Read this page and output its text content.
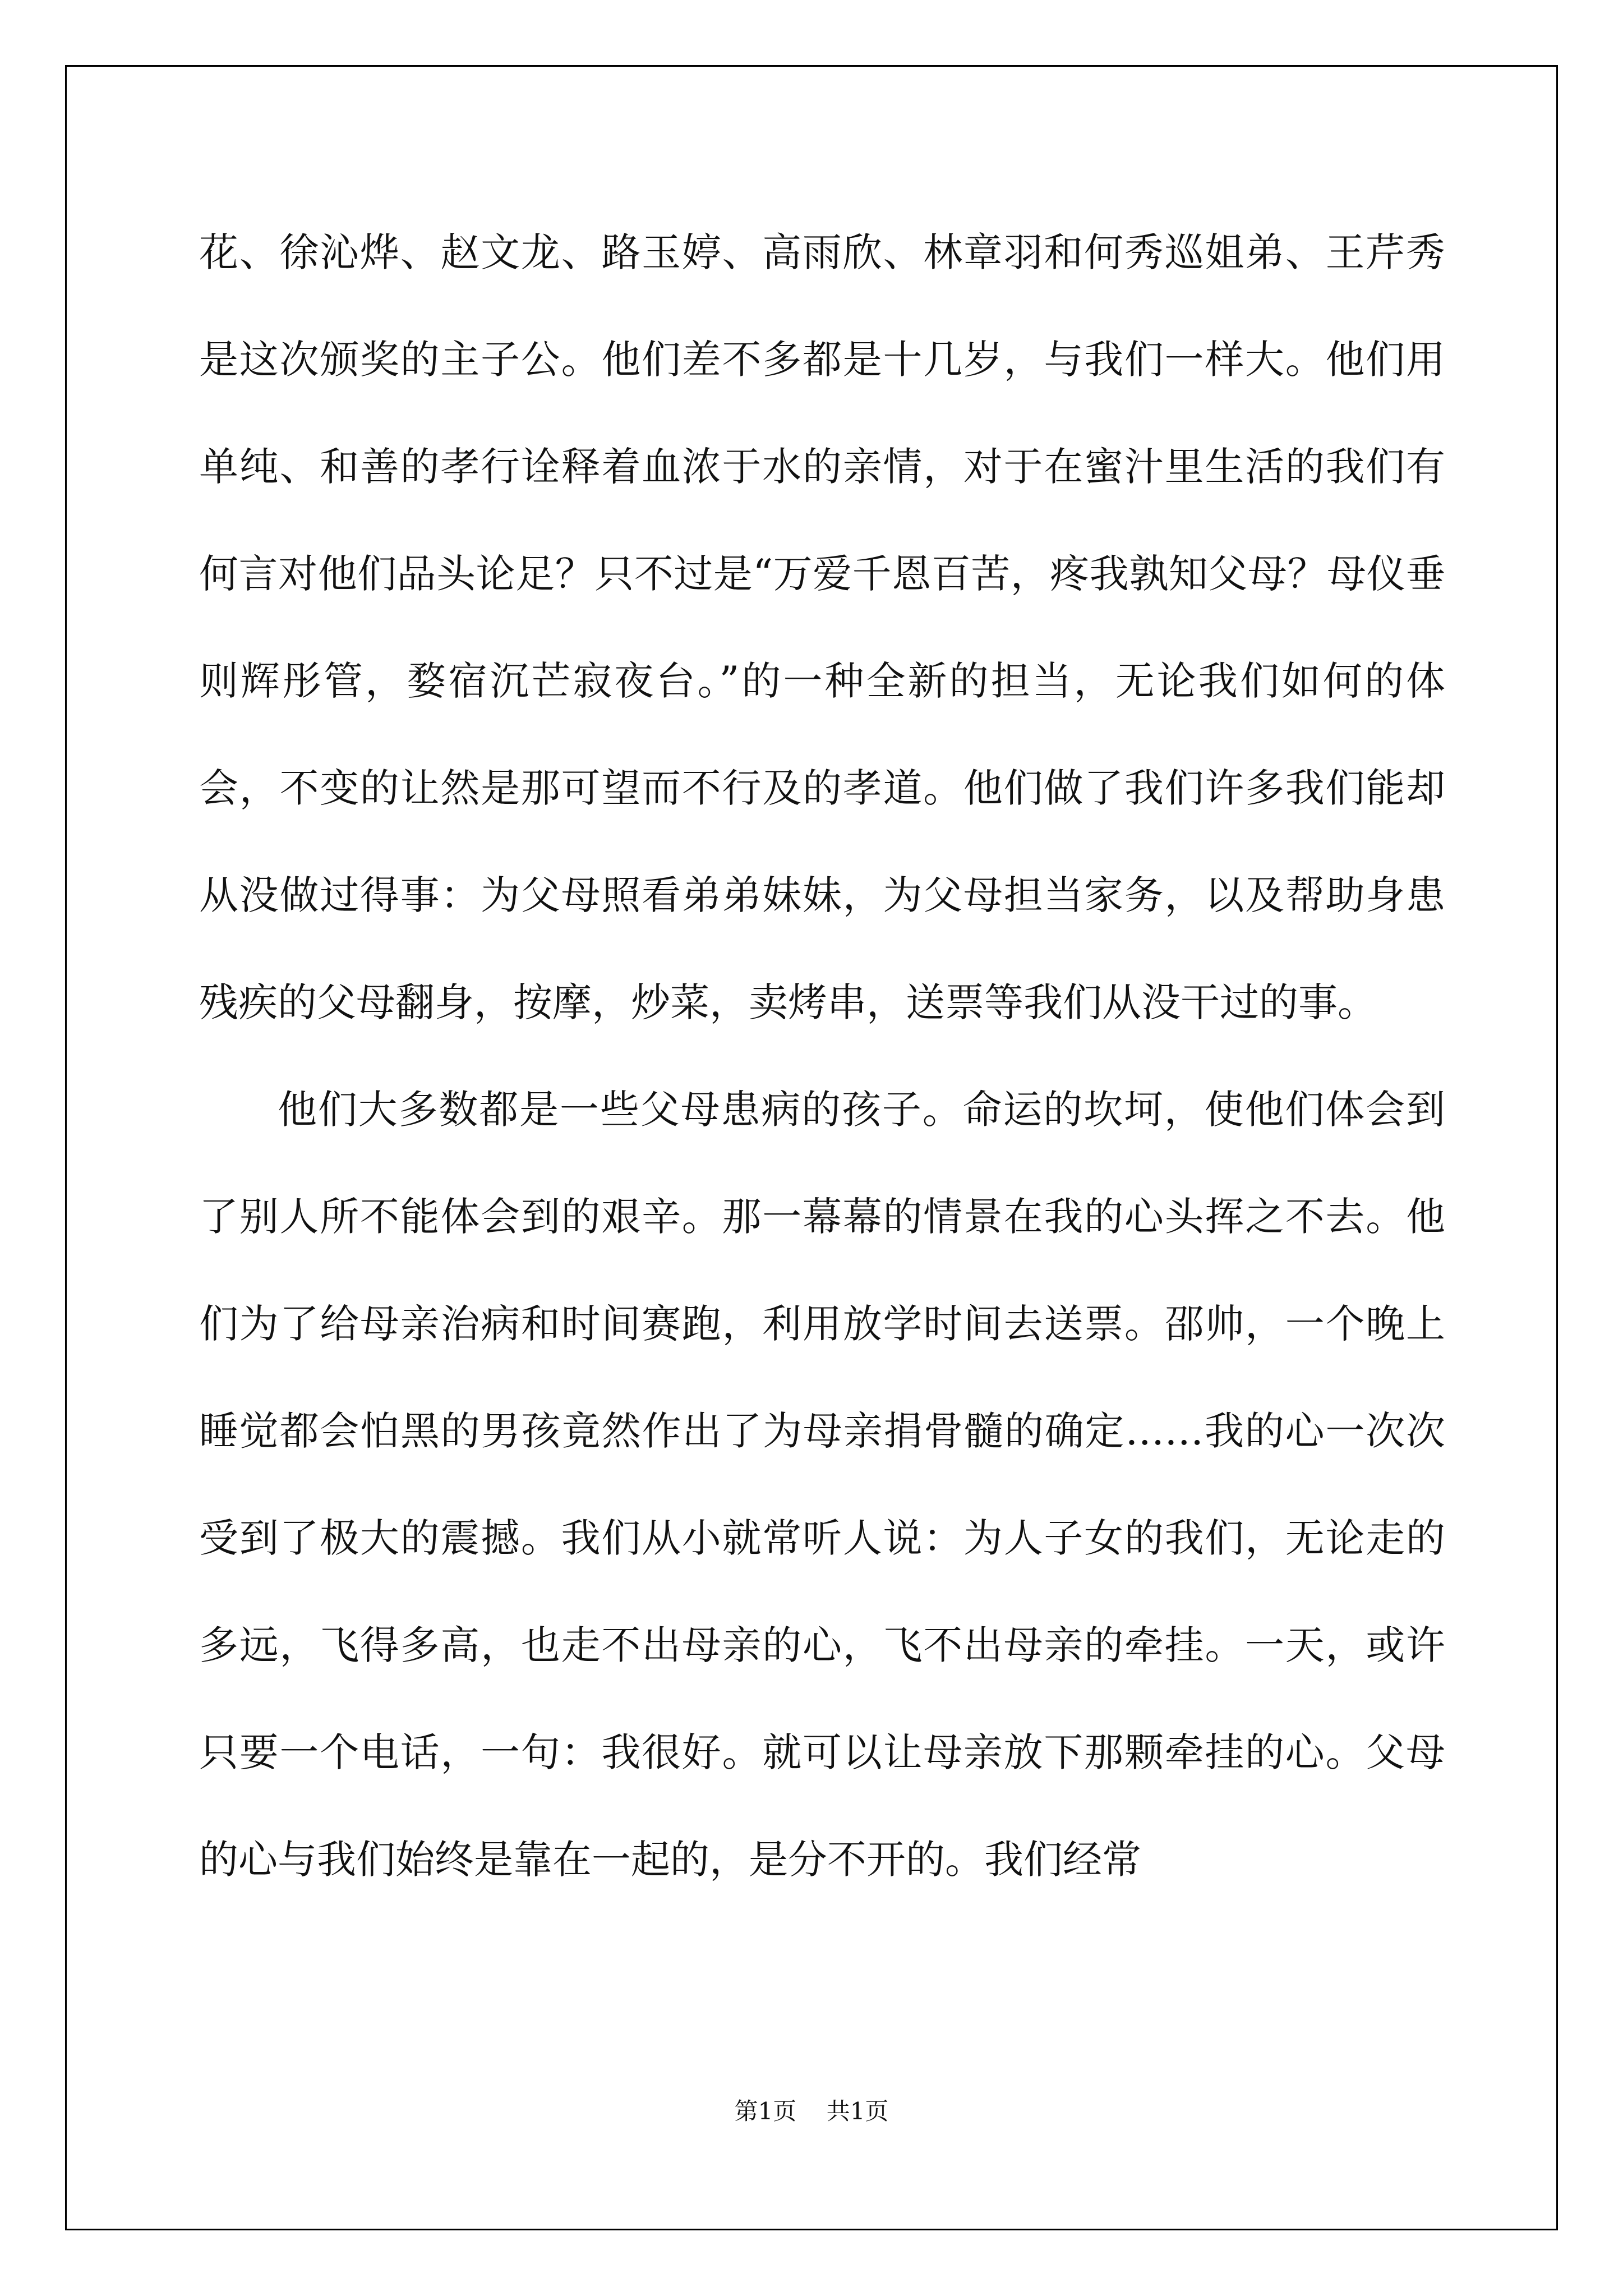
花、徐沁烨、赵文龙、路玉婷、高雨欣、林章羽和何秀巡姐弟、王芹秀是这次颁奖的主子公。他们差不多都是十几岁，与我们一样大。他们用单纯、和善的孝行诠释着血浓于水的亲情，对于在蜜汁里生活的我们有何言对他们品头论足？只不过是“万爱千恩百苦，疼我孰知父母？母仪垂则辉彤管，婺宿沉芒寂夜台。”的一种全新的担当，无论我们如何的体会，不变的让然是那可望而不行及的孝道。他们做了我们许多我们能却从没做过得事：为父母照看弟弟妹妹，为父母担当家务，以及帮助身患残疾的父母翻身，按摩，炒菜，卖烤串，送票等我们从没干过的事。

他们大多数都是一些父母患病的孩子。命运的坎坷，使他们体会到了别人所不能体会到的艰辛。那一幕幕的情景在我的心头挥之不去。他们为了给母亲治病和时间赛跑，利用放学时间去送票。邵帅，一个晚上睡觉都会怕黑的男孩竟然作出了为母亲捐骨髓的确定……我的心一次次受到了极大的震撼。我们从小就常听人说：为人子女的我们，无论走的多远，飞得多高，也走不出母亲的心，飞不出母亲的牵挂。一天，或许只要一个电话，一句：我很好。就可以让母亲放下那颗牵挂的心。父母的心与我们始终是靠在一起的，是分不开的。我们经常

第1页 共1页
